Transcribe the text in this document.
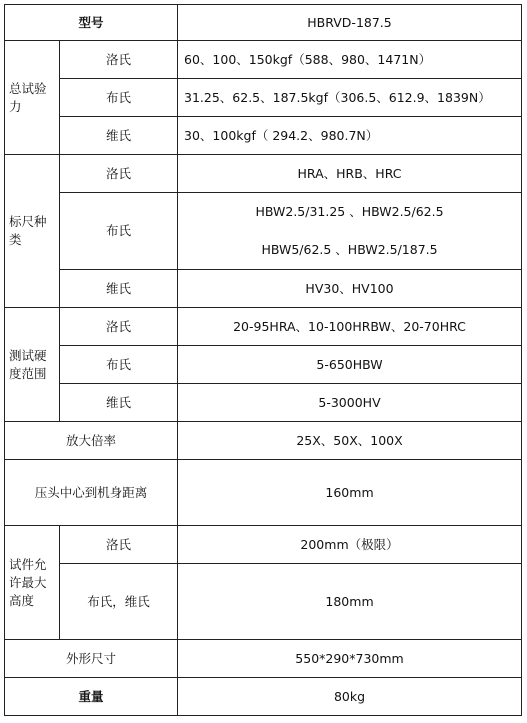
型号		HBRVD-187.5

总试验
力	洛氏	60、100、150kgf（588、980、1471N）
	布氏	31.25、62.5、187.5kgf（306.5、612.9、1839N）
	维氏	30、100kgf（ 294.2、980.7N）

标尺种
类	洛氏	HRA、HRB、HRC
	布氏	HBW2.5/31.25 、HBW2.5/62.5
HBW5/62.5 、HBW2.5/187.5

	维氏	HV30、HV100

测试硬
度范围	洛氏	20-95HRA、10-100HRBW、20-70HRC
	布氏	5-650HBW
	维氏	5-3000HV
放大倍率		25X、50X、100X
压头中心到机身距离		160mm

试件允
许最大
高度	洛氏	200mm（极限）
	布氏，维氏	180mm
外形尺寸		550*290*730mm
重量		80kg
